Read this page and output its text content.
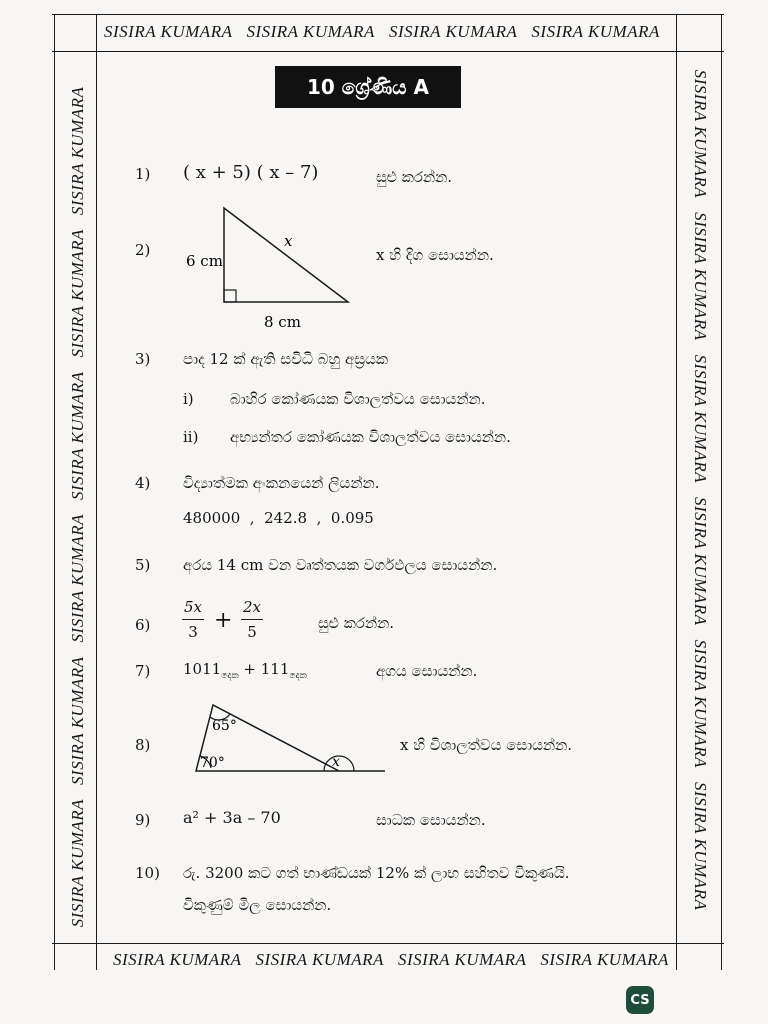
SISIRA KUMARA SISIRA KUMARA SISIRA KUMARA SISIRA KUMARA
SISIRA KUMARA SISIRA KUMARA SISIRA KUMARA SISIRA KUMARA
SISIRA KUMARASISIRA KUMARASISIRA KUMARASISIRA KUMARASISIRA KUMARASISIRA KUMARA	SISIRA KUMARASISIRA KUMARASISIRA KUMARASISIRA KUMARASISIRA KUMARASISIRA KUMARA
10 ශ්‍රේණිය A
1) ( x + 5) ( x – 7)	සුළු කරන්න.
2)
6 cm
8 cm
x
x හි දිග සොයන්න.
3) පාද 12 ක් ඇති සවිධි බහු අස්‍රයක
i) බාහිර කෝණයක විශාලත්වය සොයන්න.
ii) අභ්‍යන්තර කෝණයක විශාලත්වය සොයන්න.
4) විද්‍යාත්මක අංකනයෙන් ලියන්න.
480000  ,  242.8  ,  0.095
5) අරය 14 cm වන වෘත්තයක වර්ගඵලය සොයන්න.
6)
5x
3 +
2x
5	සුළු කරන්න.
7) $1011_{දෙක} + 111_{දෙක}$	අගය සොයන්න.
8)
65°
70°	x
x හි විශාලත්වය සොයන්න.
9) a² + 3a – 70	සාධක සොයන්න.
10) රු. 3200 කට ගත් භාණ්ඩයක් 12% ක් ලාභ සහිතව විකුණයි.
විකුණුම් මිල සොයන්න.
CS
